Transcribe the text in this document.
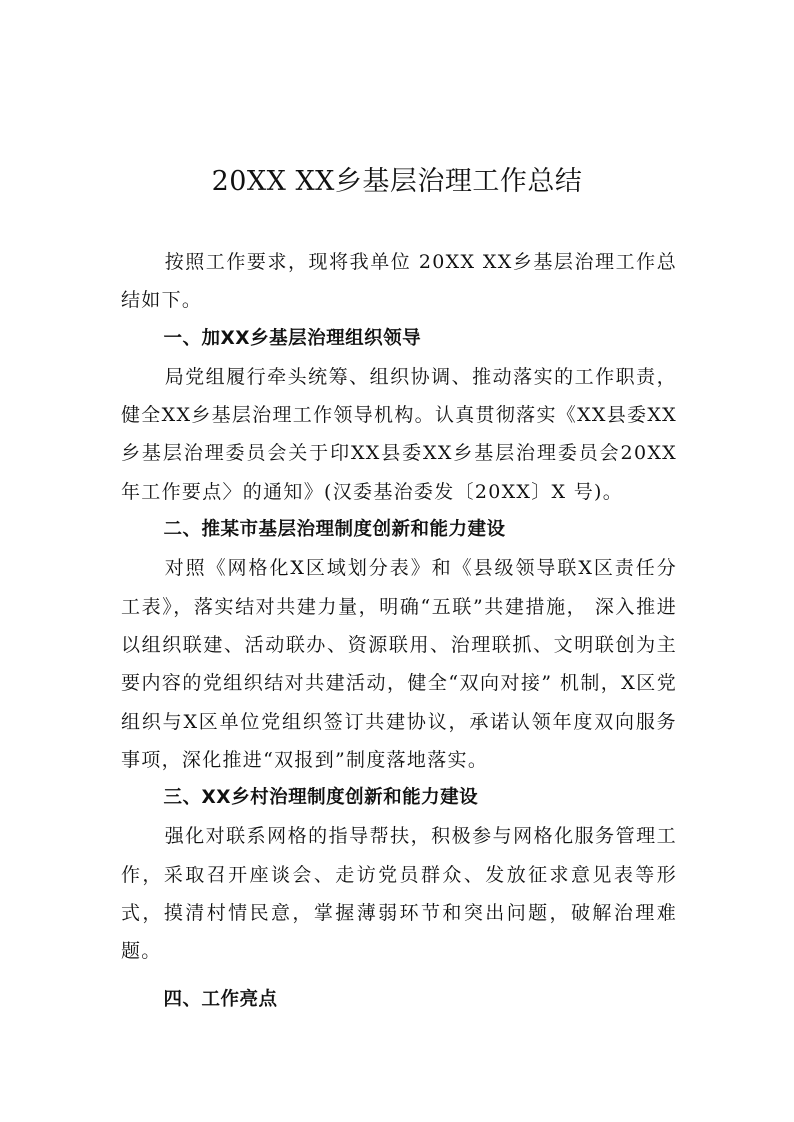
20XX XX乡基层治理工作总结

按照工作要求，现将我单位 20XX XX乡基层治理工作总结如下。

一、加XX乡基层治理组织领导

局党组履行牵头统筹、组织协调、推动落实的工作职责，健全XX乡基层治理工作领导机构。认真贯彻落实《XX县委XX乡基层治理委员会关于印XX县委XX乡基层治理委员会20XX 年工作要点〉的通知》(汉委基治委发〔20XX〕X 号)。

二、推某市基层治理制度创新和能力建设

对照《网格化X区域划分表》和《县级领导联X区责任分工表》，落实结对共建力量，明确“五联”共建措施， 深入推进以组织联建、活动联办、资源联用、治理联抓、文明联创为主要内容的党组织结对共建活动，健全“双向对接” 机制，X区党组织与X区单位党组织签订共建协议，承诺认领年度双向服务事项，深化推进“双报到”制度落地落实。

三、XX乡村治理制度创新和能力建设

强化对联系网格的指导帮扶，积极参与网格化服务管理工作，采取召开座谈会、走访党员群众、发放征求意见表等形式，摸清村情民意，掌握薄弱环节和突出问题，破解治理难题。

四、工作亮点
